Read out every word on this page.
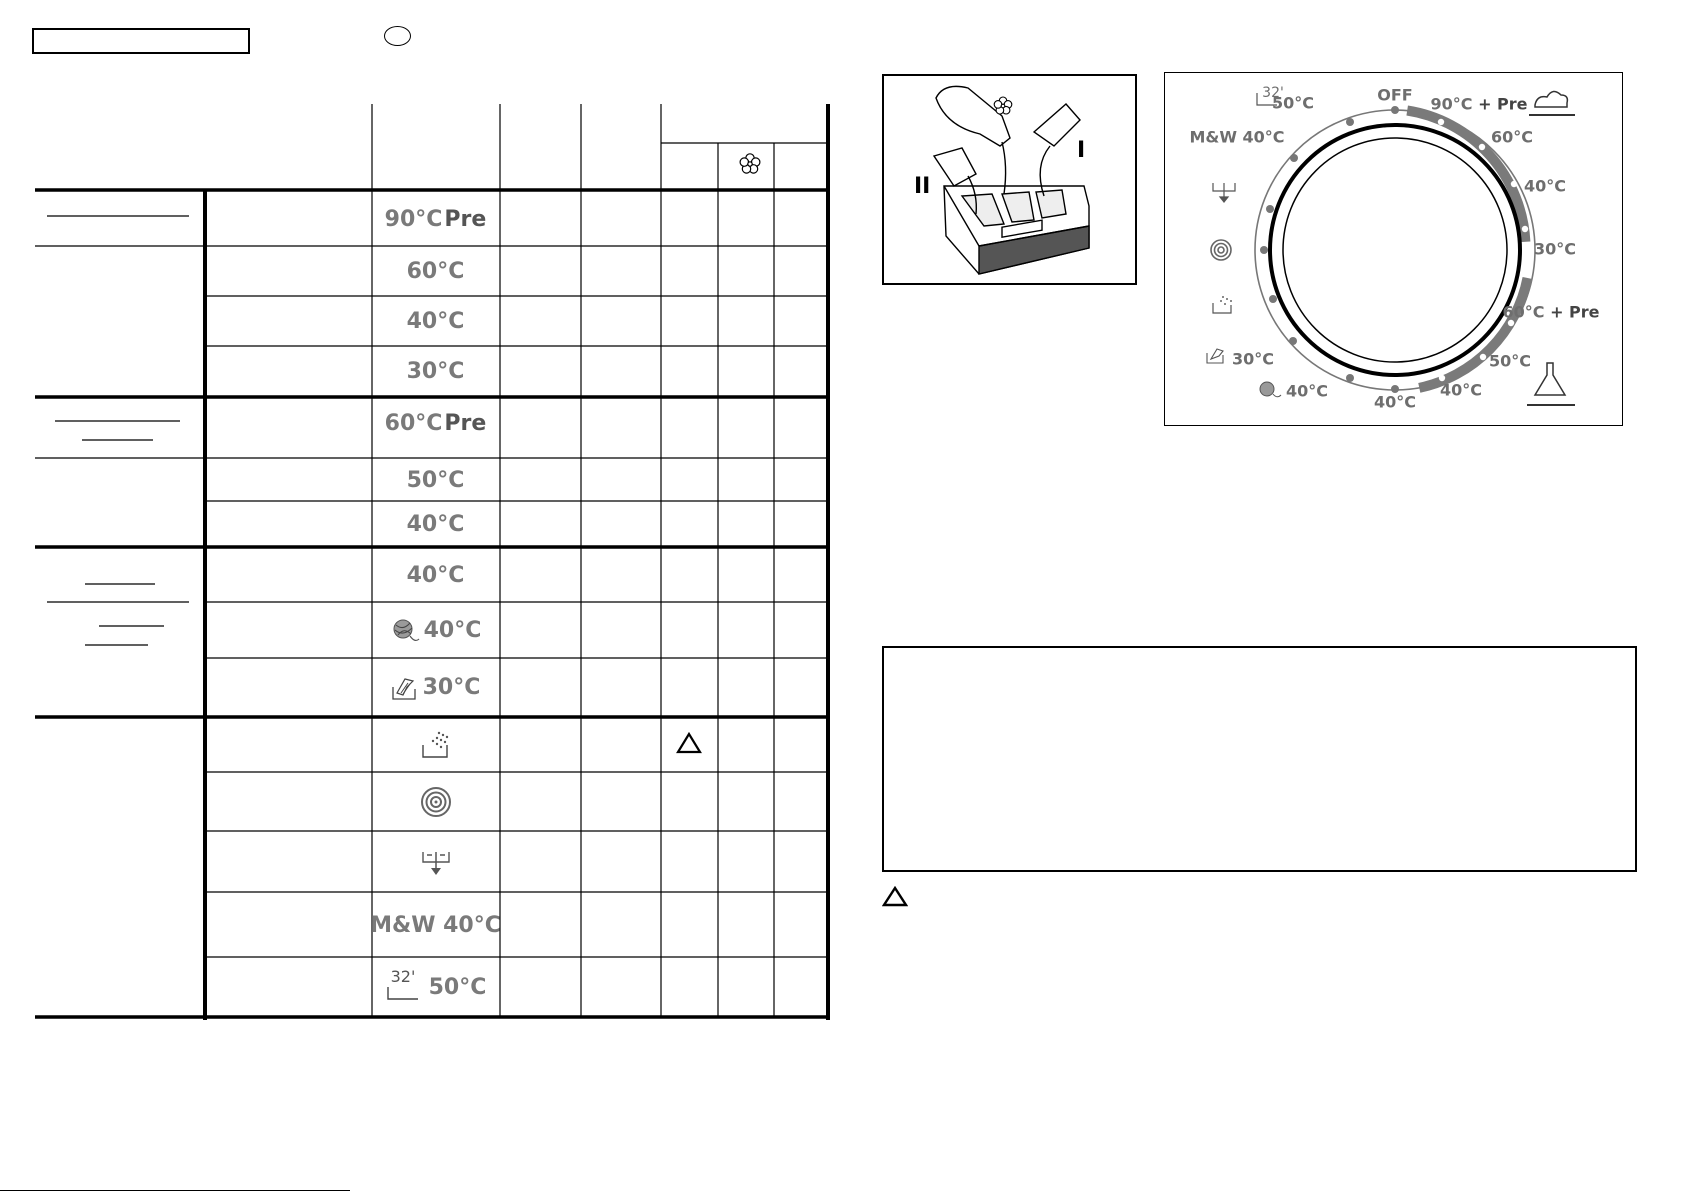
90°C Pre
60°C
40°C
30°C
60°C Pre
50°C
40°C
40°C
40°C
30°C
M&W 40°C
32' 50°C
I
II
OFF 90°C + Pre
60°C
40°C
30°C
60°C + Pre
50°C
40°C
40°C
40°C
30°C
M&W 40°C
50°C
32'
